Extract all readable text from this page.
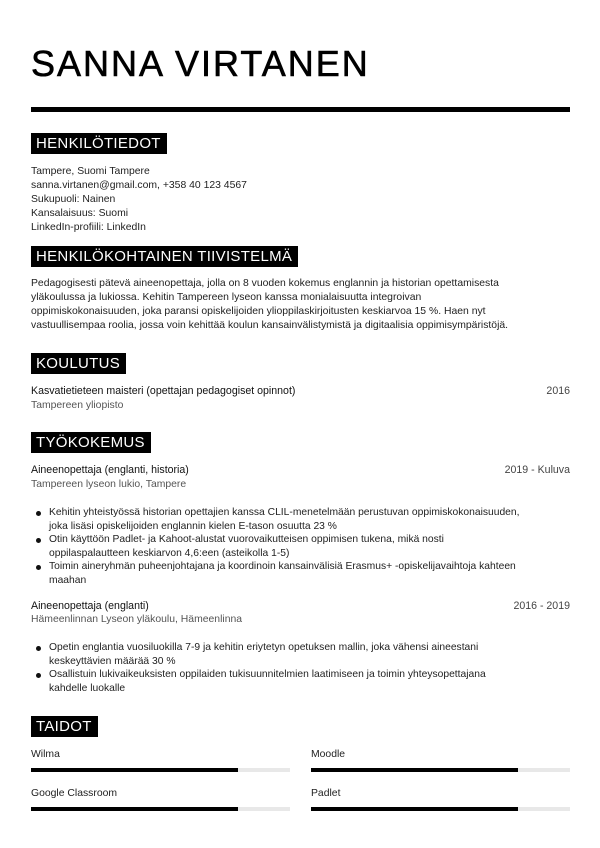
SANNA VIRTANEN
HENKILÖTIEDOT
Tampere, Suomi Tampere
sanna.virtanen@gmail.com, +358 40 123 4567
Sukupuoli: Nainen
Kansalaisuus: Suomi
LinkedIn-profiili: LinkedIn
HENKILÖKOHTAINEN TIIVISTELMÄ
Pedagogisesti pätevä aineenopettaja, jolla on 8 vuoden kokemus englannin ja historian opettamisesta
yläkoulussa ja lukiossa. Kehitin Tampereen lyseon kanssa monialaisuutta integroivan
oppimiskokonaisuuden, joka paransi opiskelijoiden ylioppilaskirjoitusten keskiarvoa 15 %. Haen nyt
vastuullisempaa roolia, jossa voin kehittää koulun kansainvälistymistä ja digitaalisia oppimisympäristöjä.
KOULUTUS
Kasvatietieteen maisteri (opettajan pedagogiset opinnot)	2016
Tampereen yliopisto
TYÖKOKEMUS
Aineenopettaja (englanti, historia)	2019 - Kuluva
Tampereen lyseon lukio, Tampere
Kehitin yhteistyössä historian opettajien kanssa CLIL-menetelmään perustuvan oppimiskokonaisuuden,
joka lisäsi opiskelijoiden englannin kielen E-tason osuutta 23 %
Otin käyttöön Padlet- ja Kahoot-alustat vuorovaikutteisen oppimisen tukena, mikä nosti
oppilaspalautteen keskiarvon 4,6:een (asteikolla 1-5)
Toimin aineryhmän puheenjohtajana ja koordinoin kansainvälisiä Erasmus+ -opiskelijavaihtoja kahteen
maahan
Aineenopettaja (englanti)	2016 - 2019
Hämeenlinnan Lyseon yläkoulu, Hämeenlinna
Opetin englantia vuosiluokilla 7-9 ja kehitin eriytetyn opetuksen mallin, joka vähensi aineestani
keskeyttävien määrää 30 %
Osallistuin lukivaikeuksisten oppilaiden tukisuunnitelmien laatimiseen ja toimin yhteysopettajana
kahdelle luokalle
TAIDOT
Wilma	Moodle
Google Classroom	Padlet
